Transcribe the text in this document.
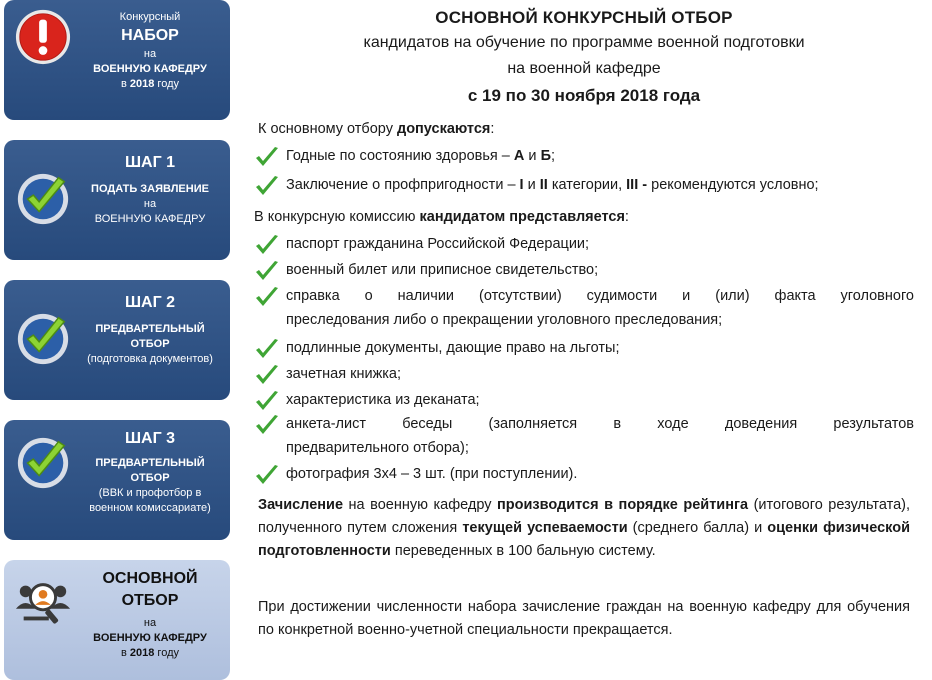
Конкурсный
НАБОР
на
ВОЕННУЮ КАФЕДРУ
в 2018 году
ШАГ 1
ПОДАТЬ ЗАЯВЛЕНИЕ
на
ВОЕННУЮ КАФЕДРУ
ШАГ 2
ПРЕДВАРТЕЛЬНЫЙ
ОТБОР
(подготовка документов)
ШАГ 3
ПРЕДВАРТЕЛЬНЫЙ
ОТБОР
(ВВК и профотбор в
военном комиссариате)
ОСНОВНОЙ
ОТБОР
на
ВОЕННУЮ КАФЕДРУ
в 2018 году
ОСНОВНОЙ КОНКУРСНЫЙ ОТБОР
кандидатов на обучение по программе военной подготовки
на военной кафедре
с 19 по 30 ноября 2018 года
К основному отбору допускаются:
Годные по состоянию здоровья – А и Б;
Заключение о профпригодности – I и II категории, III - рекомендуются условно;
В конкурсную комиссию кандидатом представляется:
паспорт гражданина Российской Федерации;
военный билет или приписное свидетельство;
справка о наличии (отсутствии) судимости и (или) факта уголовного
преследования либо о прекращении уголовного преследования;
подлинные документы, дающие право на льготы;
зачетная книжка;
характеристика из деканата;
анкета-лист беседы (заполняется в ходе доведения результатов
предварительного отбора);
фотография 3х4 – 3 шт. (при поступлении).
Зачисление на военную кафедру производится в порядке рейтинга (итогового результата), полученного путем сложения текущей успеваемости (среднего балла) и оценки физической подготовленности переведенных в 100 бальную систему.
При достижении численности набора зачисление граждан на военную кафедру для обучения по конкретной военно-учетной специальности прекращается.
